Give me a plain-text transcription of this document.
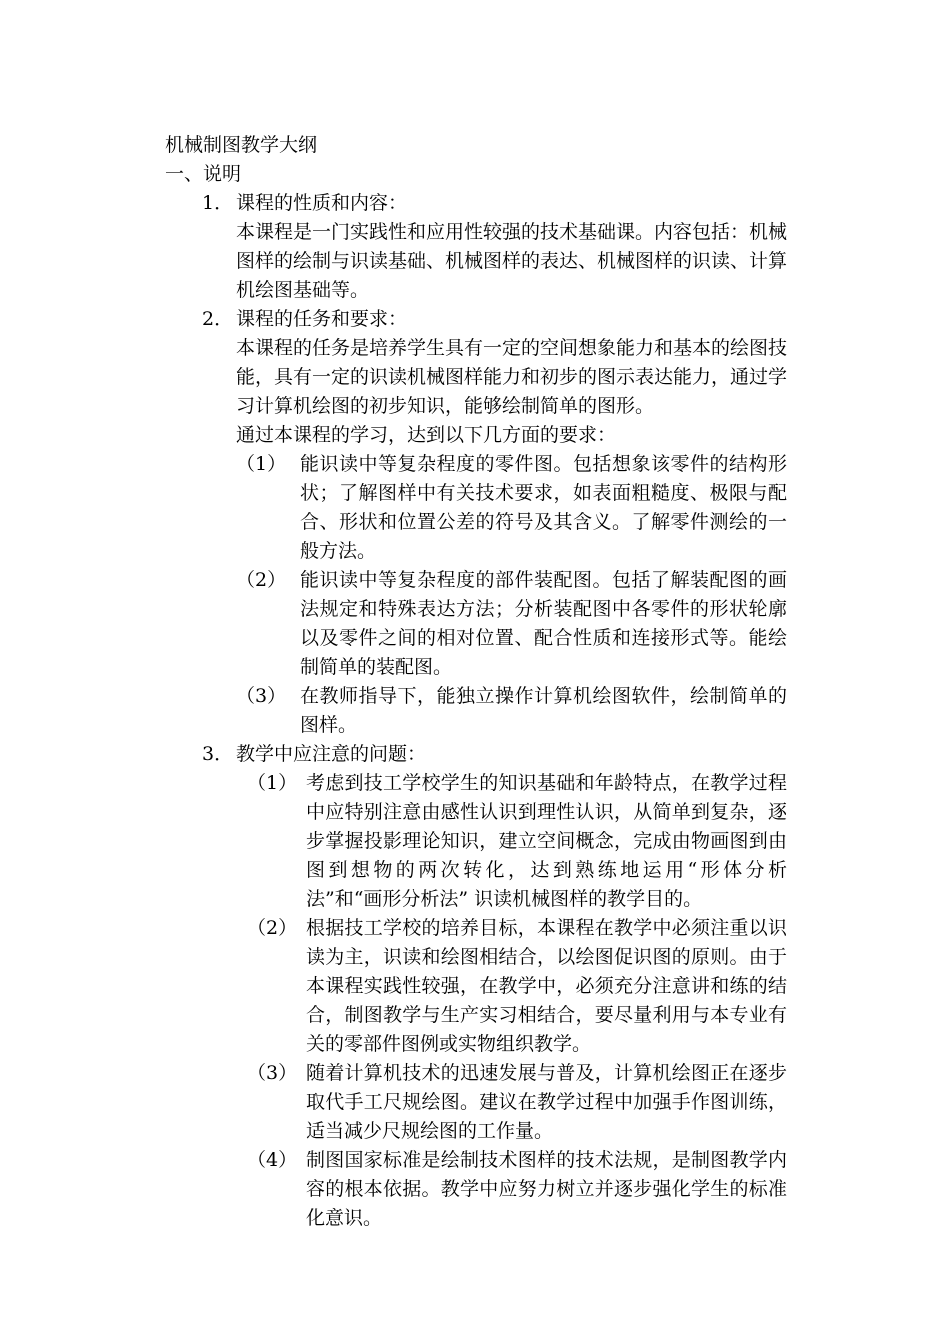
机械制图教学大纲
一、说明
1． 课程的性质和内容：
本课程是一门实践性和应用性较强的技术基础课。内容包括：机械图样的绘制与识读基础、机械图样的表达、机械图样的识读、计算机绘图基础等。
2． 课程的任务和要求：
本课程的任务是培养学生具有一定的空间想象能力和基本的绘图技能，具有一定的识读机械图样能力和初步的图示表达能力，通过学习计算机绘图的初步知识，能够绘制简单的图形。
通过本课程的学习，达到以下几方面的要求：
（1） 能识读中等复杂程度的零件图。包括想象该零件的结构形状；了解图样中有关技术要求，如表面粗糙度、极限与配合、形状和位置公差的符号及其含义。了解零件测绘的一般方法。
（2） 能识读中等复杂程度的部件装配图。包括了解装配图的画法规定和特殊表达方法；分析装配图中各零件的形状轮廓以及零件之间的相对位置、配合性质和连接形式等。能绘制简单的装配图。
（3） 在教师指导下，能独立操作计算机绘图软件，绘制简单的图样。
3． 教学中应注意的问题：
（1） 考虑到技工学校学生的知识基础和年龄特点，在教学过程中应特别注意由感性认识到理性认识，从简单到复杂，逐步掌握投影理论知识，建立空间概念，完成由物画图到由图到想物的两次转化，达到熟练地运用“形体分析法”和“画形分析法” 识读机械图样的教学目的。
（2） 根据技工学校的培养目标，本课程在教学中必须注重以识读为主，识读和绘图相结合，以绘图促识图的原则。由于本课程实践性较强，在教学中，必须充分注意讲和练的结合，制图教学与生产实习相结合，要尽量利用与本专业有关的零部件图例或实物组织教学。
（3） 随着计算机技术的迅速发展与普及，计算机绘图正在逐步取代手工尺规绘图。建议在教学过程中加强手作图训练，适当减少尺规绘图的工作量。
（4） 制图国家标准是绘制技术图样的技术法规，是制图教学内容的根本依据。教学中应努力树立并逐步强化学生的标准化意识。
